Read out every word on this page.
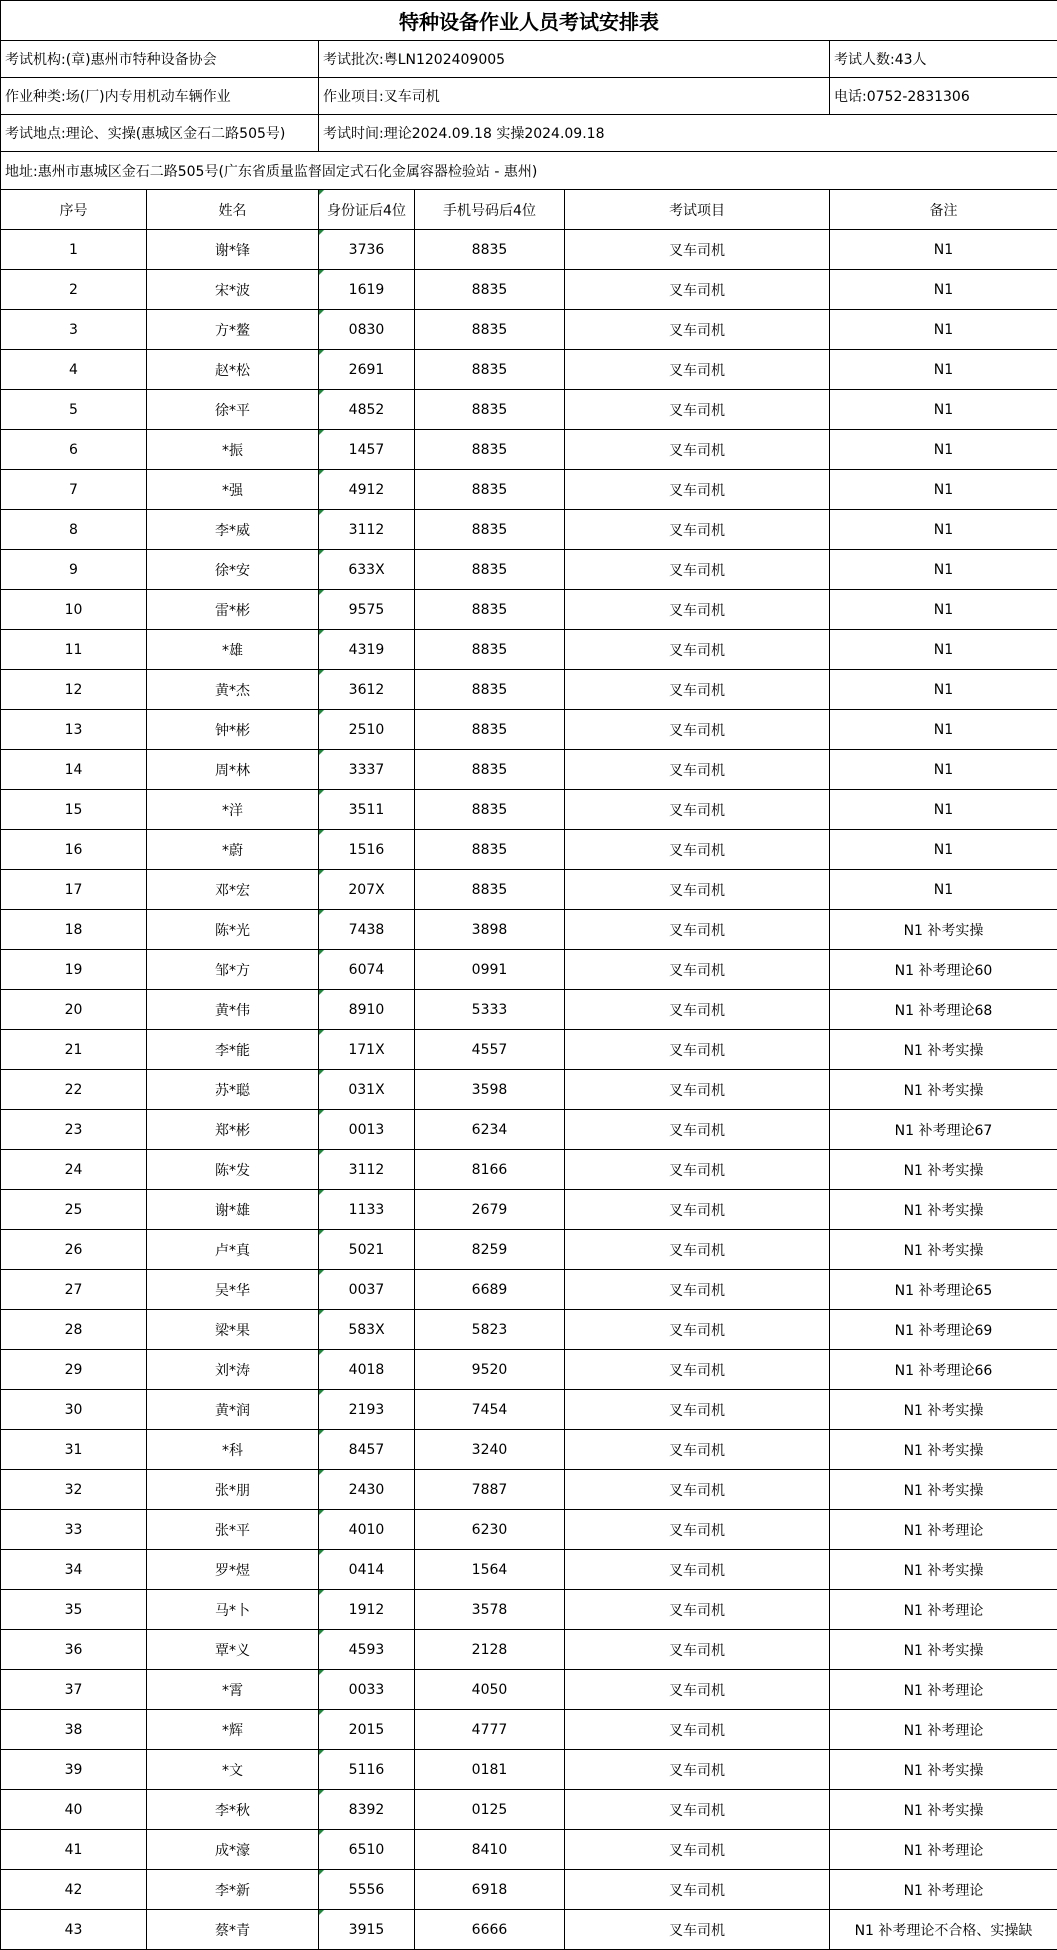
特种设备作业人员考试安排表					
考试机构:(章)惠州市特种设备协会		考试批次:粤LN1202409005			考试人数:43人
作业种类:场(厂)内专用机动车辆作业		作业项目:叉车司机			电话:0752-2831306
考试地点:理论、实操(惠城区金石二路505号)		考试时间:理论2024.09.18 实操2024.09.18			
地址:惠州市惠城区金石二路505号(广东省质量监督固定式石化金属容器检验站 - 惠州)					
序号	姓名	身份证后4位	手机号码后4位	考试项目	备注
1	谢*锋	3736	8835	叉车司机	N1
2	宋*波	1619	8835	叉车司机	N1
3	方*鳌	0830	8835	叉车司机	N1
4	赵*松	2691	8835	叉车司机	N1
5	徐*平	4852	8835	叉车司机	N1
6	*振	1457	8835	叉车司机	N1
7	*强	4912	8835	叉车司机	N1
8	李*威	3112	8835	叉车司机	N1
9	徐*安	633X	8835	叉车司机	N1
10	雷*彬	9575	8835	叉车司机	N1
11	*雄	4319	8835	叉车司机	N1
12	黄*杰	3612	8835	叉车司机	N1
13	钟*彬	2510	8835	叉车司机	N1
14	周*林	3337	8835	叉车司机	N1
15	*洋	3511	8835	叉车司机	N1
16	*蔚	1516	8835	叉车司机	N1
17	邓*宏	207X	8835	叉车司机	N1
18	陈*光	7438	3898	叉车司机	N1 补考实操
19	邹*方	6074	0991	叉车司机	N1 补考理论60
20	黄*伟	8910	5333	叉车司机	N1 补考理论68
21	李*能	171X	4557	叉车司机	N1 补考实操
22	苏*聪	031X	3598	叉车司机	N1 补考实操
23	郑*彬	0013	6234	叉车司机	N1 补考理论67
24	陈*发	3112	8166	叉车司机	N1 补考实操
25	谢*雄	1133	2679	叉车司机	N1 补考实操
26	卢*真	5021	8259	叉车司机	N1 补考实操
27	吴*华	0037	6689	叉车司机	N1 补考理论65
28	梁*果	583X	5823	叉车司机	N1 补考理论69
29	刘*涛	4018	9520	叉车司机	N1 补考理论66
30	黄*润	2193	7454	叉车司机	N1 补考实操
31	*科	8457	3240	叉车司机	N1 补考实操
32	张*朋	2430	7887	叉车司机	N1 补考实操
33	张*平	4010	6230	叉车司机	N1 补考理论
34	罗*煜	0414	1564	叉车司机	N1 补考实操
35	马*卜	1912	3578	叉车司机	N1 补考理论
36	覃*义	4593	2128	叉车司机	N1 补考实操
37	*霄	0033	4050	叉车司机	N1 补考理论
38	*辉	2015	4777	叉车司机	N1 补考理论
39	*文	5116	0181	叉车司机	N1 补考实操
40	李*秋	8392	0125	叉车司机	N1 补考实操
41	成*濠	6510	8410	叉车司机	N1 补考理论
42	李*新	5556	6918	叉车司机	N1 补考理论
43	蔡*青	3915	6666	叉车司机	N1 补考理论不合格、实操缺
